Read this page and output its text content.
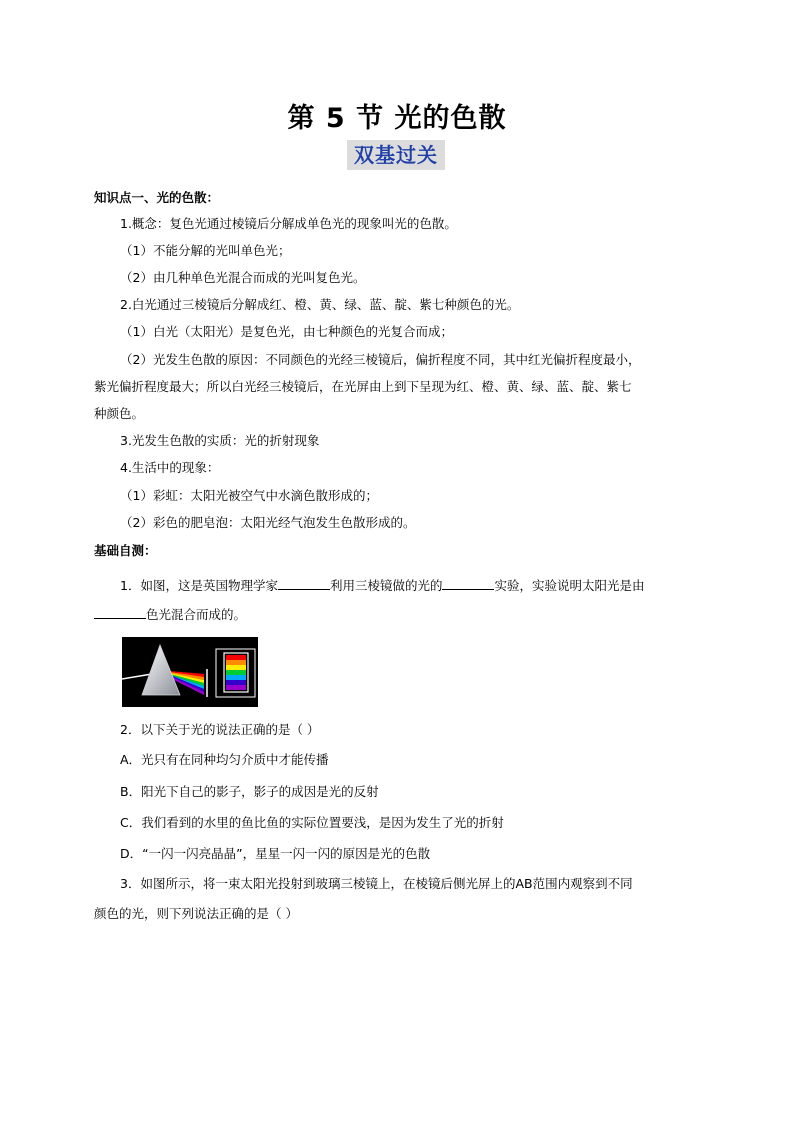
第 5 节 光的色散
双基过关
知识点一、光的色散：
1.概念：复色光通过棱镜后分解成单色光的现象叫光的色散。
（1）不能分解的光叫单色光；
（2）由几种单色光混合而成的光叫复色光。
2.白光通过三棱镜后分解成红、橙、黄、绿、蓝、靛、紫七种颜色的光。
（1）白光（太阳光）是复色光，由七种颜色的光复合而成；
（2）光发生色散的原因：不同颜色的光经三棱镜后，偏折程度不同，其中红光偏折程度最小，
紫光偏折程度最大；所以白光经三棱镜后，在光屏由上到下呈现为红、橙、黄、绿、蓝、靛、紫七
种颜色。
3.光发生色散的实质：光的折射现象
4.生活中的现象：
（1）彩虹：太阳光被空气中水滴色散形成的；
（2）彩色的肥皂泡：太阳光经气泡发生色散形成的。
基础自测：
1．如图，这是英国物理学家	利用三棱镜做的光的	实验，实验说明太阳光是由
色光混合而成的。
2．以下关于光的说法正确的是（ ）
A．光只有在同种均匀介质中才能传播
B．阳光下自己的影子，影子的成因是光的反射
C．我们看到的水里的鱼比鱼的实际位置要浅，是因为发生了光的折射
D．“一闪一闪亮晶晶”，星星一闪一闪的原因是光的色散
3．如图所示，将一束太阳光投射到玻璃三棱镜上，在棱镜后侧光屏上的AB范围内观察到不同
颜色的光，则下列说法正确的是（ ）
